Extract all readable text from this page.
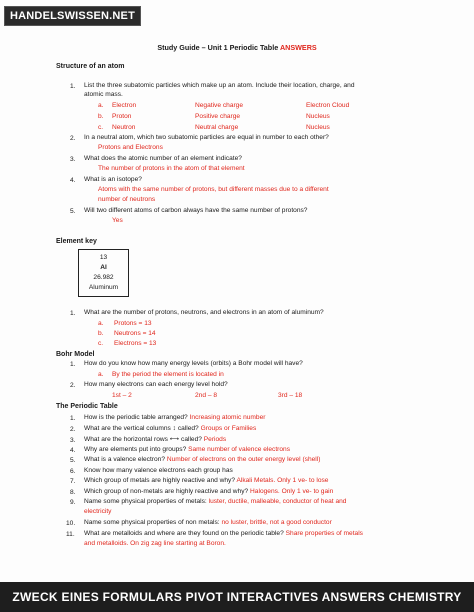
HANDELSWISSEN.NET
Study Guide – Unit 1 Periodic Table ANSWERS
Structure of an atom
1. List the three subatomic particles which make up an atom. Include their location, charge, and
atomic mass.
a. Electron	Negative charge	Electron Cloud
b. Proton	Positive charge	Nucleus
c. Neutron	Neutral charge	Nucleus
2. In a neutral atom, which two subatomic particles are equal in number to each other?
Protons and Electrons
3. What does the atomic number of an element indicate?
The number of protons in the atom of that element
4. What is an isotope?
Atoms with the same number of protons, but different masses due to a different
number of neutrons
5. Will two different atoms of carbon always have the same number of protons?
Yes
Element key
13
Al
26.982
Aluminum
1. What are the number of protons, neutrons, and electrons in an atom of aluminum?
a. Protons = 13
b. Neutrons = 14
c. Electrons = 13
Bohr Model
1. How do you know how many energy levels (orbits) a Bohr model will have?
a. By the period the element is located in
2. How many electrons can each energy level hold?
1st – 2	2nd – 8	3rd – 18
The Periodic Table
1. How is the periodic table arranged? Increasing atomic number
2. What are the vertical columns ↕ called? Groups or Families
3. What are the horizontal rows ⟷ called? Periods
4. Why are elements put into groups? Same number of valence electrons
5. What is a valence electron? Number of electrons on the outer energy level (shell)
6. Know how many valence electrons each group has
7. Which group of metals are highly reactive and why? Alkali Metals. Only 1 ve- to lose
8. Which group of non-metals are highly reactive and why? Halogens. Only 1 ve- to gain
9. Name some physical properties of metals: luster, ductile, malleable, conductor of heat and
electricity
10. Name some physical properties of non metals: no luster, brittle, not a good conductor
11. What are metalloids and where are they found on the periodic table? Share properties of metals
and metalloids. On zig zag line starting at Boron.
ZWECK EINES FORMULARS PIVOT INTERACTIVES ANSWERS CHEMISTRY
